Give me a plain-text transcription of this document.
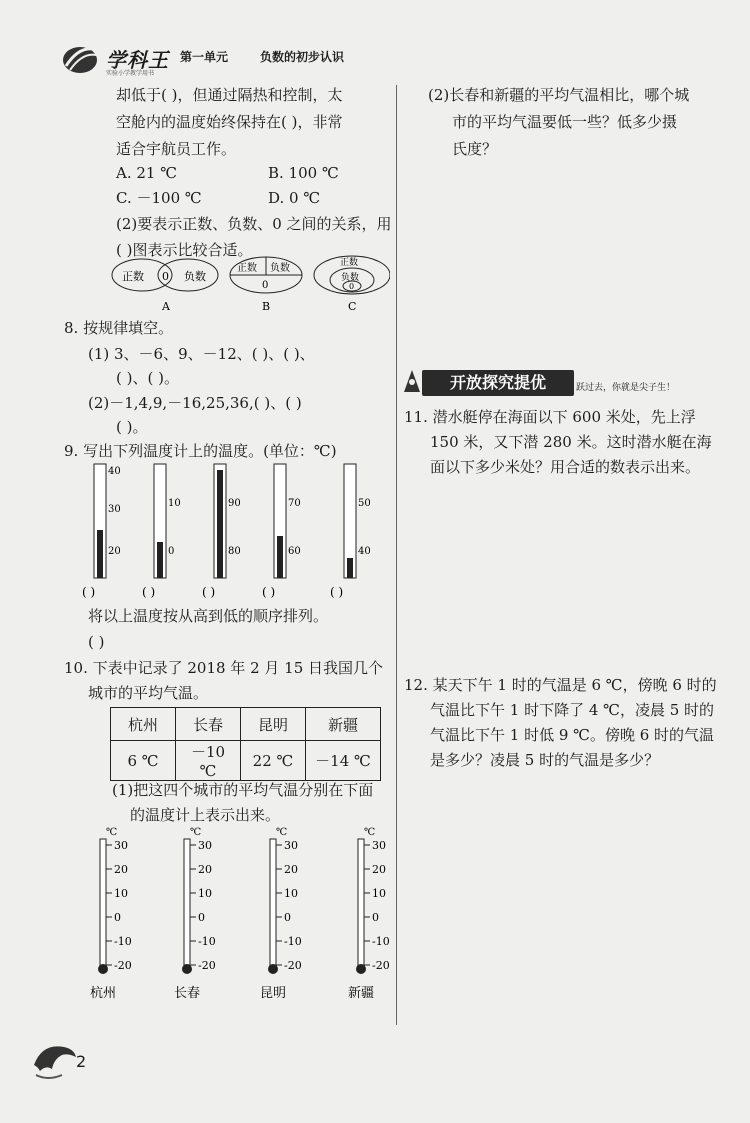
学科王
实验小学教学用书
第一单元	负数的初步认识
却低于( )，但通过隔热和控制，太
空舱内的温度始终保持在( )，非常
适合宇航员工作。
A. 21 ℃	B. 100 ℃
C. －100 ℃	D. 0 ℃
(2)要表示正数、负数、0 之间的关系，用
( )图表示比较合适。
正数 0 负数
A
正数 负数
0
B
正数
负数
0
C
8. 按规律填空。
(1) 3、－6、9、－12、( )、( )、
( )、( )。
(2)－1,4,9,－16,25,36,( )、( )
( )。
9. 写出下列温度计上的温度。(单位：℃)
40
30
20
10
0
90
80
70
60
50
40
( )	( )	( )	( )	( )
将以上温度按从高到低的顺序排列。
( )
10. 下表中记录了 2018 年 2 月 15 日我国几个
城市的平均气温。
杭州	长春	昆明	新疆
6 ℃	－10 ℃	22 ℃	－14 ℃
(1)把这四个城市的平均气温分别在下面
的温度计上表示出来。
℃
30
20
10
0
-10
-20
杭州
℃
30
20
10
0
-10
-20
长春
℃
30
20
10
0
-10
-20
昆明
℃
30
20
10
0
-10
-20
新疆
(2)长春和新疆的平均气温相比，哪个城
市的平均气温要低一些？低多少摄
氏度？
开放探究提优	跃过去，你就是尖子生！
11. 潜水艇停在海面以下 600 米处，先上浮
150 米，又下潜 280 米。这时潜水艇在海
面以下多少米处？用合适的数表示出来。
12. 某天下午 1 时的气温是 6 ℃，傍晚 6 时的
气温比下午 1 时下降了 4 ℃，凌晨 5 时的
气温比下午 1 时低 9 ℃。傍晚 6 时的气温
是多少？凌晨 5 时的气温是多少？
2
